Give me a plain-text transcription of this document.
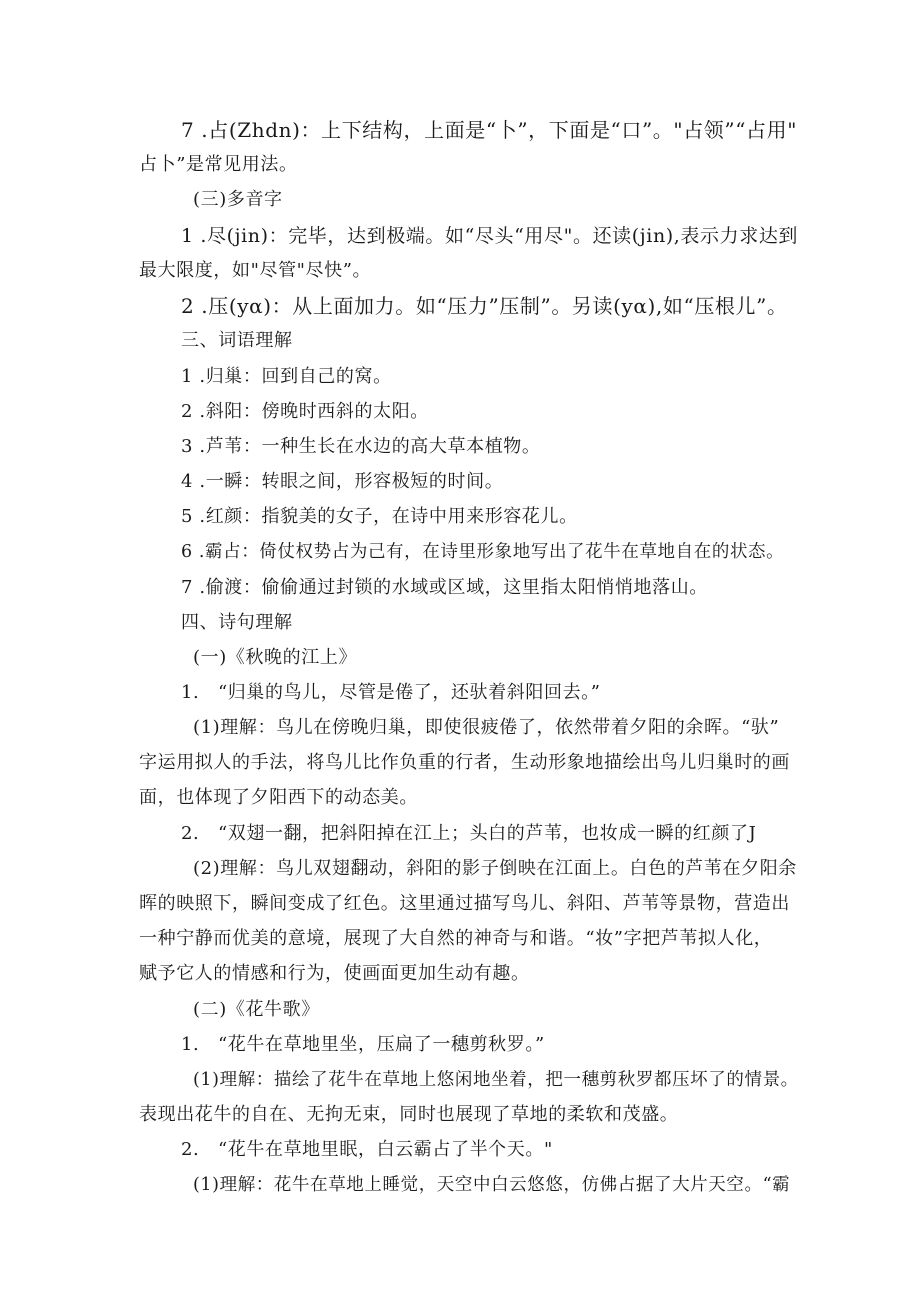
7 .占(Zhdn)：上下结构，上面是“卜”，下面是“口”。"占领”“占用"
占卜”是常见用法。
(三)多音字
1 .尽(jin)：完毕，达到极端。如“尽头“用尽"。还读(jin),表示力求达到
最大限度，如"尽管"尽快”。
2 .压(yα)：从上面加力。如“压力”压制”。另读(yα),如“压根儿”。
三、词语理解
1 .归巢：回到自己的窝。
2 .斜阳：傍晚时西斜的太阳。
3 .芦苇：一种生长在水边的高大草本植物。
4 .一瞬：转眼之间，形容极短的时间。
5 .红颜：指貌美的女子，在诗中用来形容花儿。
6 .霸占：倚仗权势占为己有，在诗里形象地写出了花牛在草地自在的状态。
7 .偷渡：偷偷通过封锁的水域或区域，这里指太阳悄悄地落山。
四、诗句理解
(一)《秋晚的江上》
1.　“归巢的鸟儿，尽管是倦了，还驮着斜阳回去。”
(1)理解：鸟儿在傍晚归巢，即使很疲倦了，依然带着夕阳的余晖。“驮”
字运用拟人的手法，将鸟儿比作负重的行者，生动形象地描绘出鸟儿归巢时的画
面，也体现了夕阳西下的动态美。
2.　“双翅一翻，把斜阳掉在江上；头白的芦苇，也妆成一瞬的红颜了J
(2)理解：鸟儿双翅翻动，斜阳的影子倒映在江面上。白色的芦苇在夕阳余
晖的映照下，瞬间变成了红色。这里通过描写鸟儿、斜阳、芦苇等景物，营造出
一种宁静而优美的意境，展现了大自然的神奇与和谐。“妆”字把芦苇拟人化，
赋予它人的情感和行为，使画面更加生动有趣。
(二)《花牛歌》
1.　“花牛在草地里坐，压扁了一穗剪秋罗。”
(1)理解：描绘了花牛在草地上悠闲地坐着，把一穗剪秋罗都压坏了的情景。
表现出花牛的自在、无拘无束，同时也展现了草地的柔软和茂盛。
2.　“花牛在草地里眠，白云霸占了半个天。"
(1)理解：花牛在草地上睡觉，天空中白云悠悠，仿佛占据了大片天空。“霸
